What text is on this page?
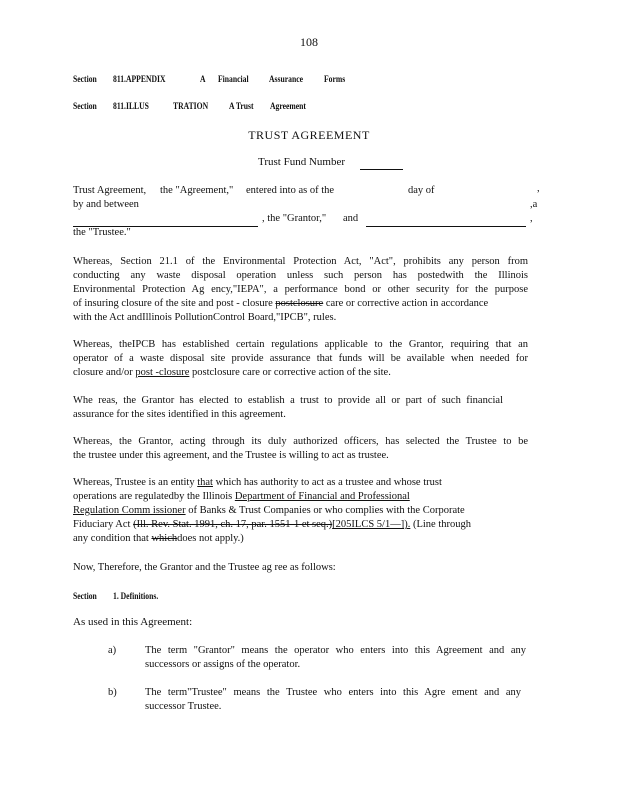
108
Section 811.APPENDIX	A Financial Assurance Forms
Section 811.ILLUS	TRATION A Trust Agreement
TRUST AGREEMENT
Trust Fund Number
Trust Agreement, the "Agreement," entered into as of the	day of	,
by and between	,a
, the "Grantor," and	,
the "Trustee."
Whereas, Section 21.1 of the Environmental Protection Act, "Act", prohibits any person from
conducting any waste disposal operation unless such person has postedwith the Illinois
Environmental Protection Ag ency,"IEPA", a performance bond or other security for the purpose
of insuring closure of the site and post - closure postclosure care or corrective action in accordance
with the Act andIllinois PollutionControl Board,"IPCB", rules.
Whereas, theIPCB has established certain regulations applicable to the Grantor, requiring that an
operator of a waste disposal site provide assurance that funds will be available when needed for
closure and/or post -closure postclosure care or corrective action of the site.
Whe reas, the Grantor has elected to establish a trust to provide all or part of such financial
assurance for the sites identified in this agreement.
Whereas, the Grantor, acting through its duly authorized officers, has selected the Trustee to be
the trustee under this agreement, and the Trustee is willing to act as trustee.
Whereas, Trustee is an entity that which has authority to act as a trustee and whose trust
operations are regulatedby the Illinois Department of Financial and Professional
Regulation Comm issioner of Banks & Trust Companies or who complies with the Corporate
Fiduciary Act (Ill. Rev. Stat. 1991, ch. 17, par. 1551-1 et seq.)[205ILCS 5/1—]). (Line through
any condition that whichdoes not apply.)
Now, Therefore, the Grantor and the Trustee ag ree as follows:
Section 1. Definitions.
As used in this Agreement:
a)	The term "Grantor" means the operator who enters into this Agreement and any
successors or assigns of the operator.
b)	The term"Trustee" means the Trustee who enters into this Agre ement and any
successor Trustee.
